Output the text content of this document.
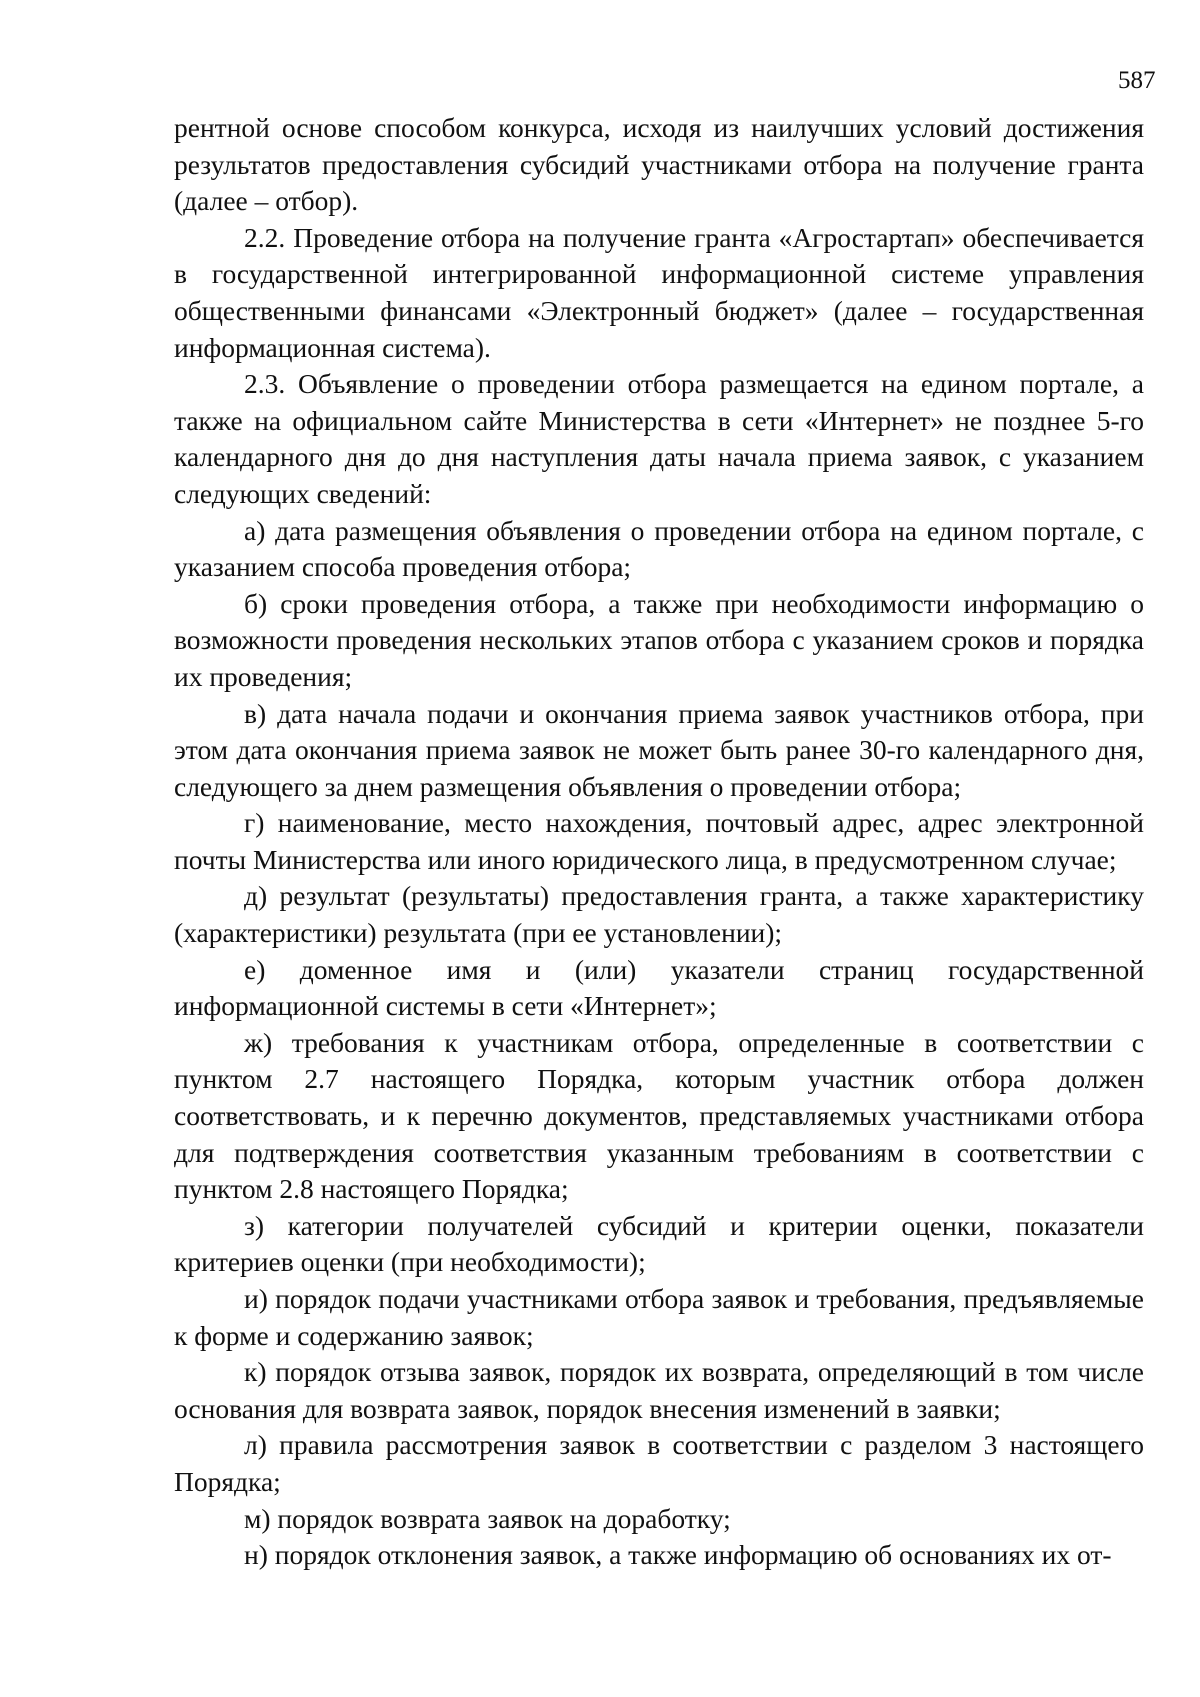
587

рентной основе способом конкурса, исходя из наилучших условий достижения результатов предоставления субсидий участниками отбора на получение гранта (далее – отбор).

2.2. Проведение отбора на получение гранта «Агростартап» обеспечивается в государственной интегрированной информационной системе управления общественными финансами «Электронный бюджет» (далее – государственная информационная система).

2.3. Объявление о проведении отбора размещается на едином портале, а также на официальном сайте Министерства в сети «Интернет» не позднее 5-го календарного дня до дня наступления даты начала приема заявок, с указанием следующих сведений:

а) дата размещения объявления о проведении отбора на едином портале, с указанием способа проведения отбора;

б) сроки проведения отбора, а также при необходимости информацию о возможности проведения нескольких этапов отбора с указанием сроков и порядка их проведения;

в) дата начала подачи и окончания приема заявок участников отбора, при этом дата окончания приема заявок не может быть ранее 30-го календарного дня, следующего за днем размещения объявления о проведении отбора;

г) наименование, место нахождения, почтовый адрес, адрес электронной почты Министерства или иного юридического лица, в предусмотренном случае;

д) результат (результаты) предоставления гранта, а также характеристику (характеристики) результата (при ее установлении);

е) доменное имя и (или) указатели страниц государственной информационной системы в сети «Интернет»;

ж) требования к участникам отбора, определенные в соответствии с пунктом 2.7 настоящего Порядка, которым участник отбора должен соответствовать, и к перечню документов, представляемых участниками отбора для подтверждения соответствия указанным требованиям в соответствии с пунктом 2.8 настоящего Порядка;

з) категории получателей субсидий и критерии оценки, показатели критериев оценки (при необходимости);

и) порядок подачи участниками отбора заявок и требования, предъявляемые к форме и содержанию заявок;

к) порядок отзыва заявок, порядок их возврата, определяющий в том числе основания для возврата заявок, порядок внесения изменений в заявки;

л) правила рассмотрения заявок в соответствии с разделом 3 настоящего Порядка;

м) порядок возврата заявок на доработку;

н) порядок отклонения заявок, а также информацию об основаниях их от-
